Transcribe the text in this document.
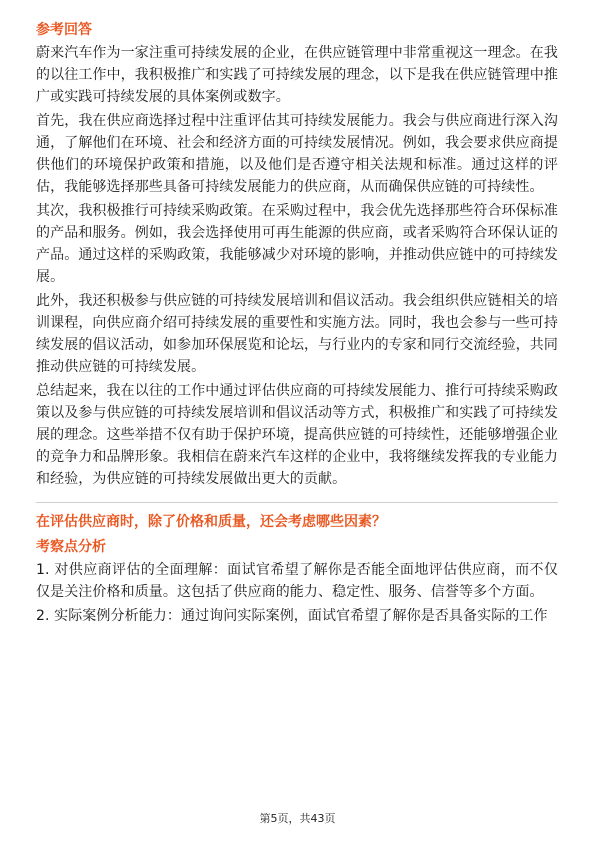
参考回答

蔚来汽车作为一家注重可持续发展的企业，在供应链管理中非常重视这一理念。在我的以往工作中，我积极推广和实践了可持续发展的理念，以下是我在供应链管理中推广或实践可持续发展的具体案例或数字。

首先，我在供应商选择过程中注重评估其可持续发展能力。我会与供应商进行深入沟通，了解他们在环境、社会和经济方面的可持续发展情况。例如，我会要求供应商提供他们的环境保护政策和措施，以及他们是否遵守相关法规和标准。通过这样的评估，我能够选择那些具备可持续发展能力的供应商，从而确保供应链的可持续性。

其次，我积极推行可持续采购政策。在采购过程中，我会优先选择那些符合环保标准的产品和服务。例如，我会选择使用可再生能源的供应商，或者采购符合环保认证的产品。通过这样的采购政策，我能够减少对环境的影响，并推动供应链中的可持续发展。

此外，我还积极参与供应链的可持续发展培训和倡议活动。我会组织供应链相关的培训课程，向供应商介绍可持续发展的重要性和实施方法。同时，我也会参与一些可持续发展的倡议活动，如参加环保展览和论坛，与行业内的专家和同行交流经验，共同推动供应链的可持续发展。

总结起来，我在以往的工作中通过评估供应商的可持续发展能力、推行可持续采购政策以及参与供应链的可持续发展培训和倡议活动等方式，积极推广和实践了可持续发展的理念。这些举措不仅有助于保护环境，提高供应链的可持续性，还能够增强企业的竞争力和品牌形象。我相信在蔚来汽车这样的企业中，我将继续发挥我的专业能力和经验，为供应链的可持续发展做出更大的贡献。

在评估供应商时，除了价格和质量，还会考虑哪些因素？
考察点分析

1. 对供应商评估的全面理解：面试官希望了解你是否能全面地评估供应商，而不仅仅是关注价格和质量。这包括了供应商的能力、稳定性、服务、信誉等多个方面。

2. 实际案例分析能力：通过询问实际案例，面试官希望了解你是否具备实际的工作

第5页，共43页
